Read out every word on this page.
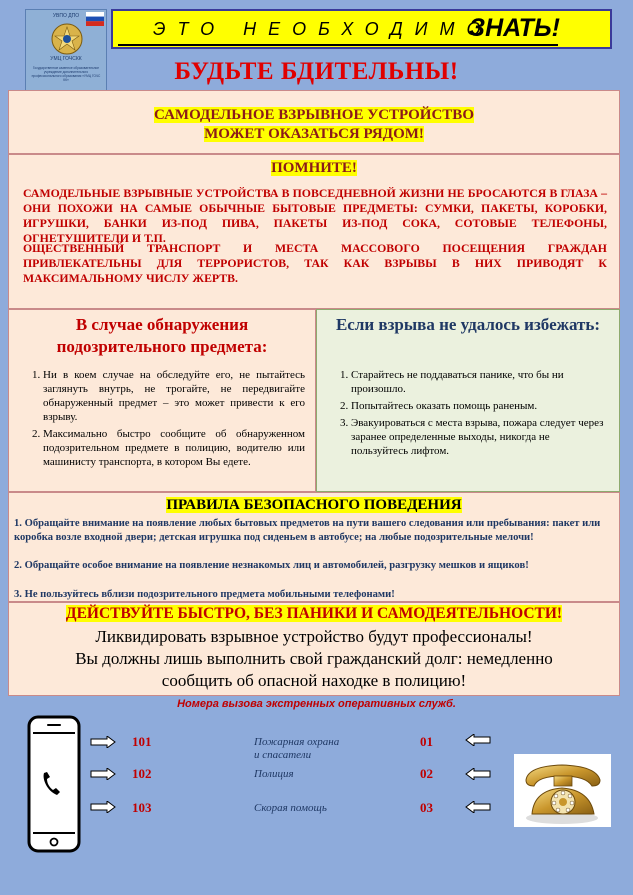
УВПО ДПО
УМЦ ГОЧСКК
Государственное казенное образовательное учреждение дополнительного профессионального образования «УМЦ ГОЧС КК»
ЭТО НЕОБХОДИМО
ЗНАТЬ!
БУДЬТЕ БДИТЕЛЬНЫ!
САМОДЕЛЬНОЕ ВЗРЫВНОЕ УСТРОЙСТВО
МОЖЕТ ОКАЗАТЬСЯ РЯДОМ!
ПОМНИТЕ!
САМОДЕЛЬНЫЕ ВЗРЫВНЫЕ УСТРОЙСТВА В ПОВСЕДНЕВНОЙ ЖИЗНИ НЕ БРОСАЮТСЯ В ГЛАЗА – ОНИ ПОХОЖИ НА САМЫЕ ОБЫЧНЫЕ БЫТОВЫЕ ПРЕДМЕТЫ: СУМКИ, ПАКЕТЫ, КОРОБКИ, ИГРУШКИ, БАНКИ ИЗ-ПОД ПИВА, ПАКЕТЫ ИЗ-ПОД СОКА, СОТОВЫЕ ТЕЛЕФОНЫ, ОГНЕТУШИТЕЛИ И Т.П.
ОЩЕСТВЕННЫЙ ТРАНСПОРТ И МЕСТА МАССОВОГО ПОСЕЩЕНИЯ ГРАЖДАН ПРИВЛЕКАТЕЛЬНЫ ДЛЯ ТЕРРОРИСТОВ, ТАК КАК ВЗРЫВЫ В НИХ ПРИВОДЯТ К МАКСИМАЛЬНОМУ ЧИСЛУ ЖЕРТВ.
В случае обнаружения подозрительного предмета:
1. Ни в коем случае на обследуйте его, не пытайтесь заглянуть внутрь, не трогайте, не передвигайте обнаруженный предмет – это может привести к его взрыву.
2. Максимально быстро сообщите об обнаруженном подозрительном предмете в полицию, водителю или машинисту транспорта, в котором Вы едете.
Если взрыва не удалось избежать:
1. Старайтесь не поддаваться панике, что бы ни произошло.
2. Попытайтесь оказать помощь раненым.
3. Эвакуироваться с места взрыва, пожара следует через заранее определенные выходы, никогда не пользуйтесь лифтом.
ПРАВИЛА БЕЗОПАСНОГО ПОВЕДЕНИЯ
1. Обращайте внимание на появление любых бытовых предметов на пути вашего следования или пребывания: пакет или коробка возле входной двери; детская игрушка под сиденьем в автобусе; на любые подозрительные мелочи!
2. Обращайте особое внимание на появление незнакомых лиц и автомобилей, разгрузку мешков и ящиков!
3. Не пользуйтесь вблизи подозрительного предмета мобильными телефонами!
ДЕЙСТВУЙТЕ БЫСТРО, БЕЗ ПАНИКИ И САМОДЕЯТЕЛЬНОСТИ!
Ликвидировать взрывное устройство будут профессионалы!
Вы должны лишь выполнить свой гражданский долг: немедленно
сообщить об опасной находке в полицию!
Номера вызова экстренных оперативных служб.
101	Пожарная охрана
и спасатели
01
102	Полиция	02
103	Скорая помощь	03
